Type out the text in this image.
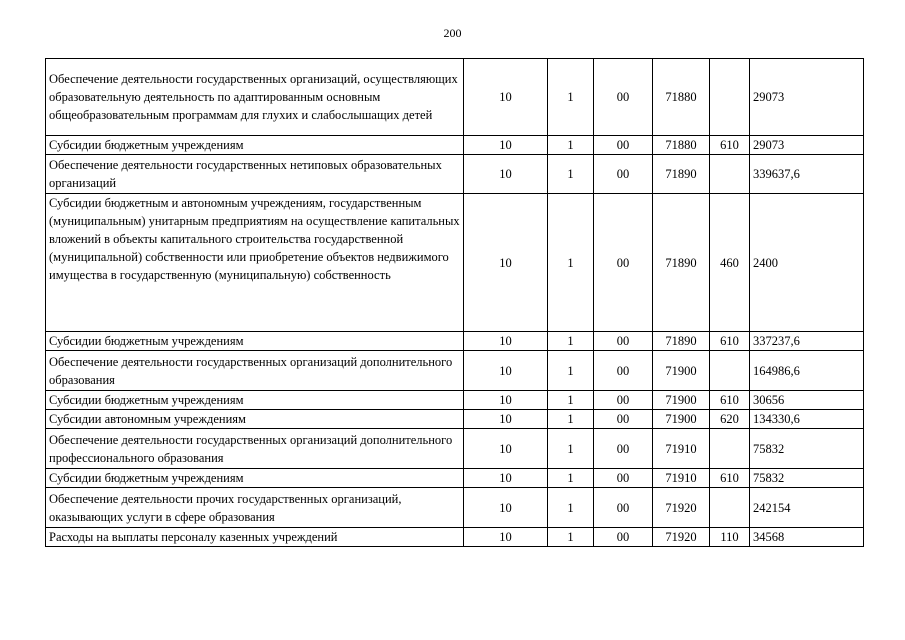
200
Обеспечение деятельности государственных организаций, осуществляющих образовательную деятельность по адаптированным основным общеобразовательным программам для глухих и слабослышащих детей	10	1	00	71880		29073
Субсидии бюджетным учреждениям	10	1	00	71880	610	29073
Обеспечение деятельности государственных нетиповых образовательных организаций	10	1	00	71890		339637,6
Субсидии бюджетным и автономным учреждениям, государственным (муниципальным) унитарным предприятиям на осуществление капитальных вложений в объекты капитального строительства государственной (муниципальной) собственности или приобретение объектов недвижимого имущества в государственную (муниципальную) собственность	10	1	00	71890	460	2400
Субсидии бюджетным учреждениям	10	1	00	71890	610	337237,6
Обеспечение деятельности государственных организаций дополнительного образования	10	1	00	71900		164986,6
Субсидии бюджетным учреждениям	10	1	00	71900	610	30656
Субсидии автономным учреждениям	10	1	00	71900	620	134330,6
Обеспечение деятельности государственных организаций дополнительного профессионального образования	10	1	00	71910		75832
Субсидии бюджетным учреждениям	10	1	00	71910	610	75832
Обеспечение деятельности прочих государственных организаций, оказывающих услуги в сфере образования	10	1	00	71920		242154
Расходы на выплаты персоналу казенных учреждений	10	1	00	71920	110	34568
